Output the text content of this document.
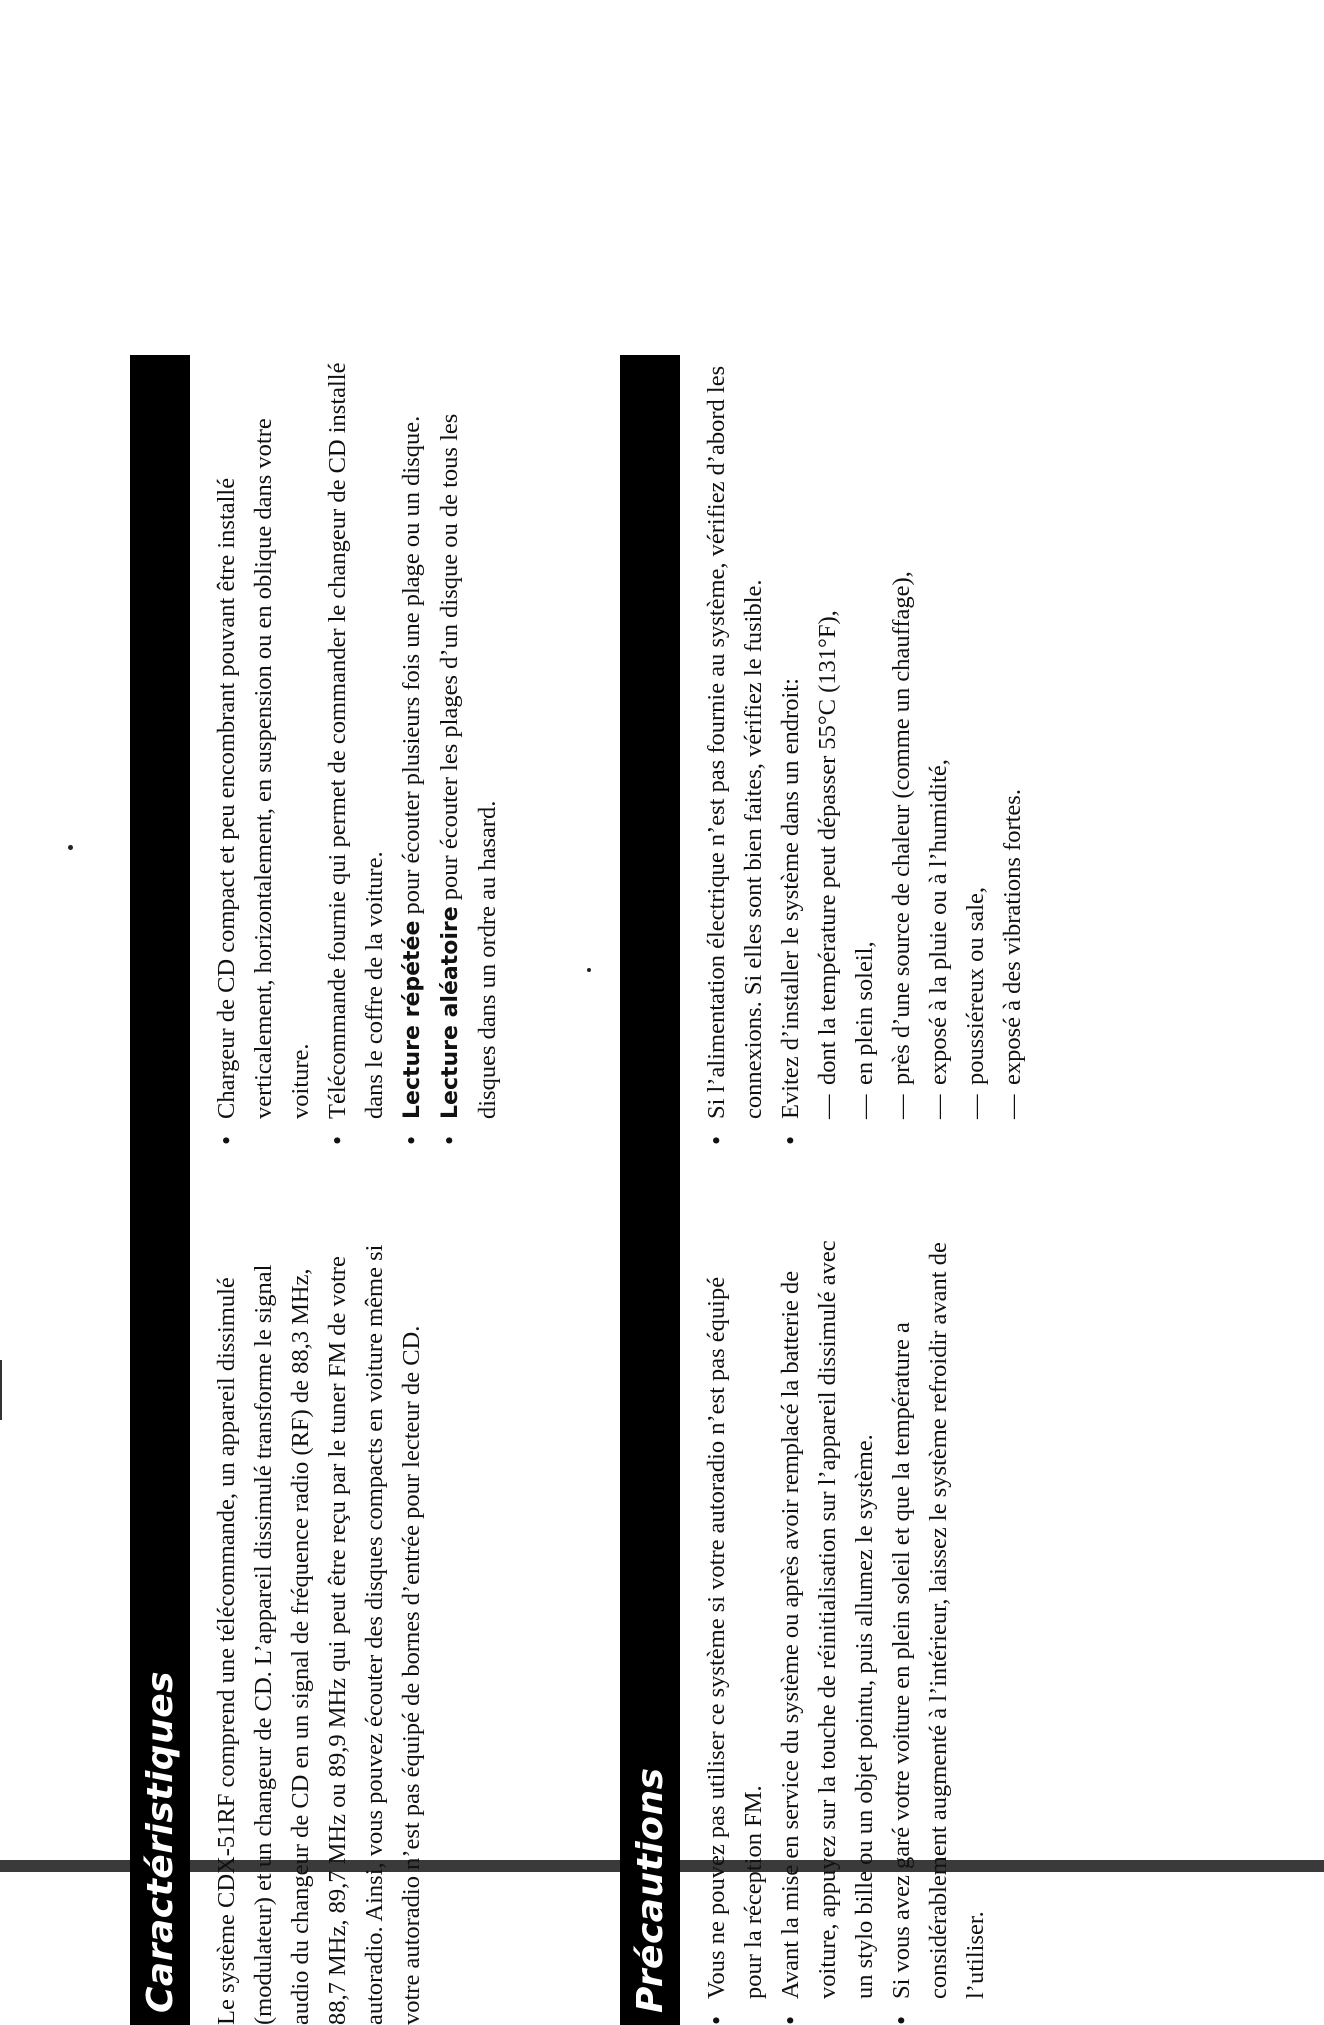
Caractéristiques Le système CDX-51RF comprend une télécommande, un appareil dissimulé (modulateur) et un changeur de CD. L’appareil dissimulé transforme le signal audio du changeur de CD en un signal de fréquence radio (RF) de 88,3 MHz, 88,7 MHz, 89,7 MHz ou 89,9 MHz qui peut être reçu par le tuner FM de votre autoradio. Ainsi, vous pouvez écouter des disques compacts en voiture même si votre autoradio n’est pas équipé de bornes d’entrée pour lecteur de CD.

• Chargeur de CD compact et peu encombrant pouvant être installé verticalement, horizontalement, en suspension ou en oblique dans votre voiture. • Télécommande fournie qui permet de commander le changeur de CD installé dans le coffre de la voiture. • Lecture répétée pour écouter plusieurs fois une plage ou un disque.
• Lecture aléatoire pour écouter les plages d’un disque ou de tous les disques dans un ordre au hasard.
Précautions • Vous ne pouvez pas utiliser ce système si votre autoradio n’est pas équipé pour la réception FM. • Avant la mise en service du système ou après avoir remplacé la batterie de voiture, appuyez sur la touche de réinitialisation sur l’appareil dissimulé avec un stylo bille ou un objet pointu, puis allumez le système. • Si vous avez garé votre voiture en plein soleil et que la température a considérablement augmenté à l’intérieur, laissez le système refroidir avant de l’utiliser.
• Si l’alimentation électrique n’est pas fournie au système, vérifiez d’abord les connexions. Si elles sont bien faites, vérifiez le fusible. • Evitez d’installer le système dans un endroit: — dont la température peut dépasser 55°C (131°F), — en plein soleil, — près d’une source de chaleur (comme un chauffage), — exposé à la pluie ou à l’humidité, — poussiéreux ou sale, — exposé à des vibrations fortes.
